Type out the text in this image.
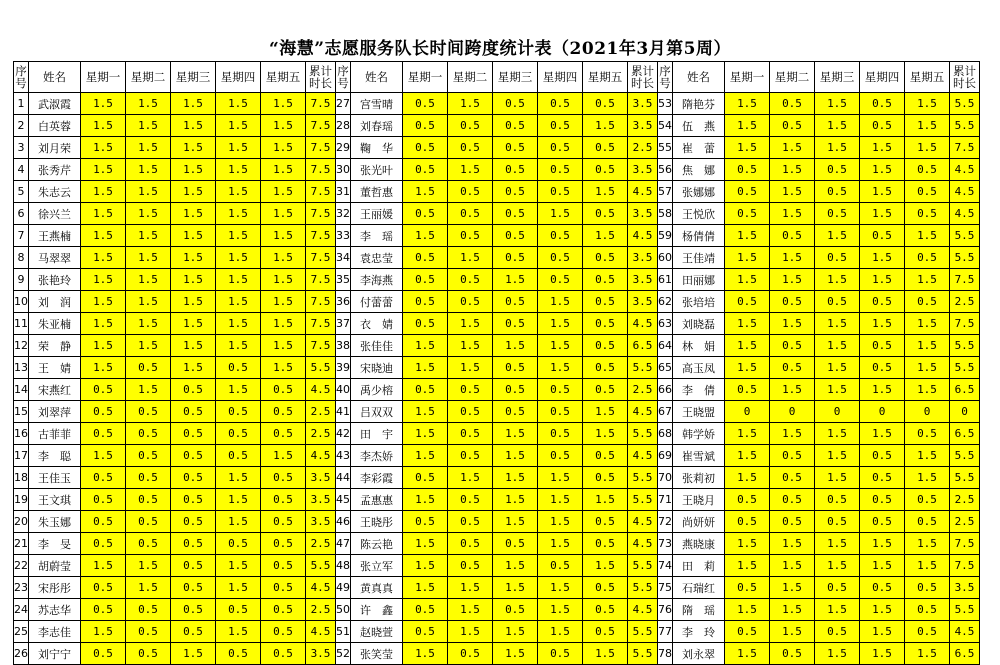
“海慧”志愿服务队长时间跨度统计表（2021年3月第5周）
序
号	姓名	星期一	星期二	星期三	星期四	星期五	累计
时长	序
号	姓名	星期一	星期二	星期三	星期四	星期五	累计
时长	序
号	姓名	星期一	星期二	星期三	星期四	星期五	累计
时长

1	武淑霞	1.5	1.5	1.5	1.5	1.5	7.5	27	宫雪晴	0.5	1.5	0.5	0.5	0.5	3.5	53	隋艳芬	1.5	0.5	1.5	0.5	1.5	5.5
2	白英蓉	1.5	1.5	1.5	1.5	1.5	7.5	28	刘春瑶	0.5	0.5	0.5	0.5	1.5	3.5	54	伍　燕	1.5	0.5	1.5	0.5	1.5	5.5
3	刘月荣	1.5	1.5	1.5	1.5	1.5	7.5	29	鞠　华	0.5	0.5	0.5	0.5	0.5	2.5	55	崔　蕾	1.5	1.5	1.5	1.5	1.5	7.5
4	张秀芹	1.5	1.5	1.5	1.5	1.5	7.5	30	张光叶	0.5	1.5	0.5	0.5	0.5	3.5	56	焦　娜	0.5	1.5	0.5	1.5	0.5	4.5
5	朱志云	1.5	1.5	1.5	1.5	1.5	7.5	31	董哲惠	1.5	0.5	0.5	0.5	1.5	4.5	57	张娜娜	0.5	1.5	0.5	1.5	0.5	4.5
6	徐兴兰	1.5	1.5	1.5	1.5	1.5	7.5	32	王丽媛	0.5	0.5	0.5	1.5	0.5	3.5	58	王悦欣	0.5	1.5	0.5	1.5	0.5	4.5
7	王燕楠	1.5	1.5	1.5	1.5	1.5	7.5	33	李　瑶	1.5	0.5	0.5	0.5	1.5	4.5	59	杨倩倩	1.5	0.5	1.5	0.5	1.5	5.5
8	马翠翠	1.5	1.5	1.5	1.5	1.5	7.5	34	袁忠莹	0.5	1.5	0.5	0.5	0.5	3.5	60	王佳靖	1.5	1.5	0.5	1.5	0.5	5.5
9	张艳玲	1.5	1.5	1.5	1.5	1.5	7.5	35	李海燕	0.5	0.5	1.5	0.5	0.5	3.5	61	田丽娜	1.5	1.5	1.5	1.5	1.5	7.5
10	刘　润	1.5	1.5	1.5	1.5	1.5	7.5	36	付蕾蕾	0.5	0.5	0.5	1.5	0.5	3.5	62	张培培	0.5	0.5	0.5	0.5	0.5	2.5
11	朱亚楠	1.5	1.5	1.5	1.5	1.5	7.5	37	衣　婧	0.5	1.5	0.5	1.5	0.5	4.5	63	刘晓磊	1.5	1.5	1.5	1.5	1.5	7.5
12	荣　静	1.5	1.5	1.5	1.5	1.5	7.5	38	张佳佳	1.5	1.5	1.5	1.5	0.5	6.5	64	林　娟	1.5	0.5	1.5	0.5	1.5	5.5
13	王　婧	1.5	0.5	1.5	0.5	1.5	5.5	39	宋晓迪	1.5	1.5	0.5	1.5	0.5	5.5	65	高玉凤	1.5	0.5	1.5	0.5	1.5	5.5
14	宋燕红	0.5	1.5	0.5	1.5	0.5	4.5	40	禹少榕	0.5	0.5	0.5	0.5	0.5	2.5	66	李　倩	0.5	1.5	1.5	1.5	1.5	6.5
15	刘翠萍	0.5	0.5	0.5	0.5	0.5	2.5	41	吕双双	1.5	0.5	0.5	0.5	1.5	4.5	67	王晓盟	0	0	0	0	0	0
16	古菲菲	0.5	0.5	0.5	0.5	0.5	2.5	42	田　宇	1.5	0.5	1.5	0.5	1.5	5.5	68	韩学娇	1.5	1.5	1.5	1.5	0.5	6.5
17	李　聪	1.5	0.5	0.5	0.5	1.5	4.5	43	李杰娇	1.5	0.5	1.5	0.5	0.5	4.5	69	崔雪斌	1.5	0.5	1.5	0.5	1.5	5.5
18	王佳玉	0.5	0.5	0.5	1.5	0.5	3.5	44	李彩霞	0.5	1.5	1.5	1.5	0.5	5.5	70	张莉初	1.5	0.5	1.5	0.5	1.5	5.5
19	王文琪	0.5	0.5	0.5	1.5	0.5	3.5	45	孟惠惠	1.5	0.5	1.5	1.5	1.5	5.5	71	王晓月	0.5	0.5	0.5	0.5	0.5	2.5
20	朱玉娜	0.5	0.5	0.5	1.5	0.5	3.5	46	王晓彤	0.5	0.5	1.5	1.5	0.5	4.5	72	尚妍妍	0.5	0.5	0.5	0.5	0.5	2.5
21	李　旻	0.5	0.5	0.5	0.5	0.5	2.5	47	陈云艳	1.5	0.5	0.5	1.5	0.5	4.5	73	燕晓康	1.5	1.5	1.5	1.5	1.5	7.5
22	胡蔚莹	1.5	1.5	0.5	1.5	0.5	5.5	48	张立军	1.5	0.5	1.5	0.5	1.5	5.5	74	田　莉	1.5	1.5	1.5	1.5	1.5	7.5
23	宋彤彤	0.5	1.5	0.5	1.5	0.5	4.5	49	黄真真	1.5	1.5	1.5	1.5	0.5	5.5	75	石瑞红	0.5	1.5	0.5	0.5	0.5	3.5
24	苏志华	0.5	0.5	0.5	0.5	0.5	2.5	50	许　鑫	0.5	1.5	0.5	1.5	0.5	4.5	76	隋　瑶	1.5	1.5	1.5	1.5	0.5	5.5
25	李志佳	1.5	0.5	0.5	1.5	0.5	4.5	51	赵晓萱	0.5	1.5	1.5	1.5	0.5	5.5	77	李　玲	0.5	1.5	0.5	1.5	0.5	4.5
26	刘宁宁	0.5	0.5	1.5	0.5	0.5	3.5	52	张笑莹	1.5	0.5	1.5	0.5	1.5	5.5	78	刘永翠	1.5	0.5	1.5	1.5	1.5	6.5
